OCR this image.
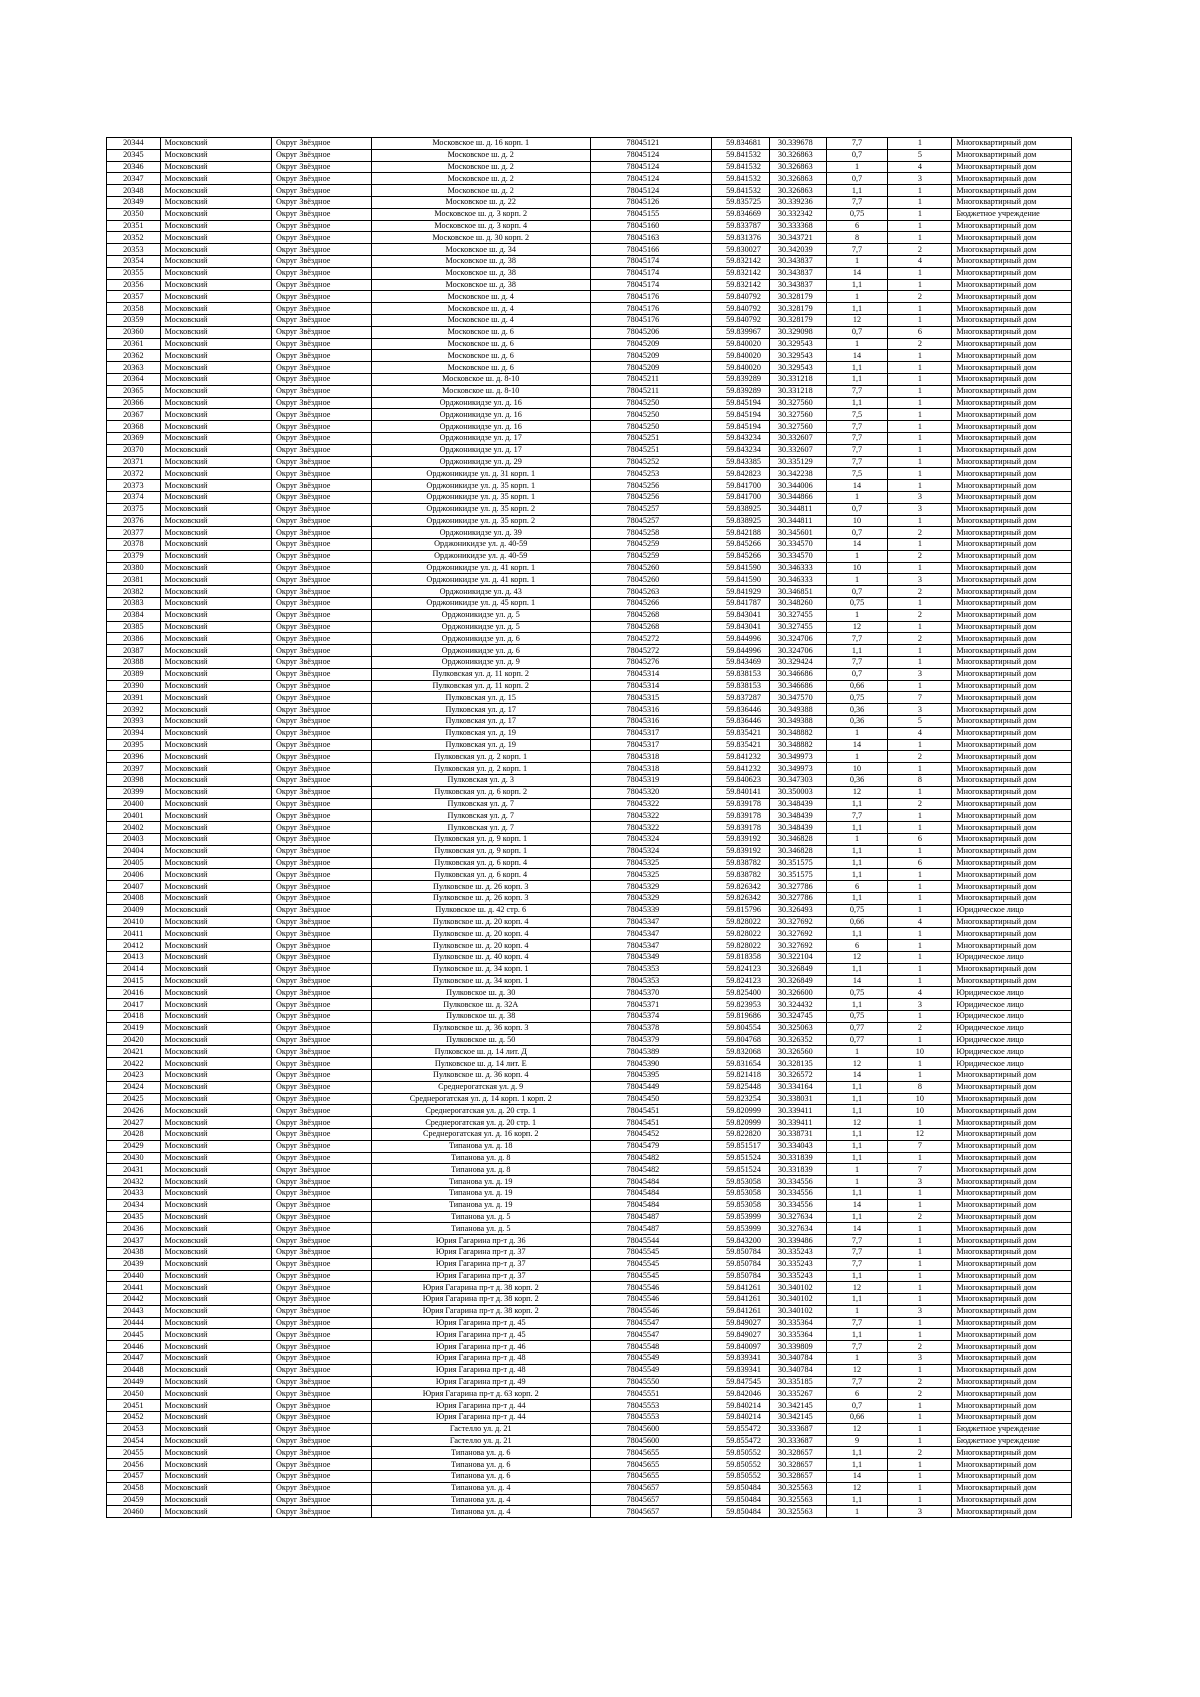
20344	Московский	Округ Звёздное	Московское ш. д. 16 корп. 1	78045121	59.834681	30.339678	7,7	1	Многоквартирный дом
20345	Московский	Округ Звёздное	Московское ш. д. 2	78045124	59.841532	30.326863	0,7	5	Многоквартирный дом
20346	Московский	Округ Звёздное	Московское ш. д. 2	78045124	59.841532	30.326863	1	4	Многоквартирный дом
20347	Московский	Округ Звёздное	Московское ш. д. 2	78045124	59.841532	30.326863	0,7	3	Многоквартирный дом
20348	Московский	Округ Звёздное	Московское ш. д. 2	78045124	59.841532	30.326863	1,1	1	Многоквартирный дом
20349	Московский	Округ Звёздное	Московское ш. д. 22	78045126	59.835725	30.339236	7,7	1	Многоквартирный дом
20350	Московский	Округ Звёздное	Московское ш. д. 3 корп. 2	78045155	59.834669	30.332342	0,75	1	Бюджетное учреждение
20351	Московский	Округ Звёздное	Московское ш. д. 3 корп. 4	78045160	59.833787	30.333368	6	1	Многоквартирный дом
20352	Московский	Округ Звёздное	Московское ш. д. 30 корп. 2	78045163	59.831376	30.343721	8	1	Многоквартирный дом
20353	Московский	Округ Звёздное	Московское ш. д. 34	78045166	59.830027	30.342039	7,7	2	Многоквартирный дом
20354	Московский	Округ Звёздное	Московское ш. д. 38	78045174	59.832142	30.343837	1	4	Многоквартирный дом
20355	Московский	Округ Звёздное	Московское ш. д. 38	78045174	59.832142	30.343837	14	1	Многоквартирный дом
20356	Московский	Округ Звёздное	Московское ш. д. 38	78045174	59.832142	30.343837	1,1	1	Многоквартирный дом
20357	Московский	Округ Звёздное	Московское ш. д. 4	78045176	59.840792	30.328179	1	2	Многоквартирный дом
20358	Московский	Округ Звёздное	Московское ш. д. 4	78045176	59.840792	30.328179	1,1	1	Многоквартирный дом
20359	Московский	Округ Звёздное	Московское ш. д. 4	78045176	59.840792	30.328179	12	1	Многоквартирный дом
20360	Московский	Округ Звёздное	Московское ш. д. 6	78045206	59.839967	30.329098	0,7	6	Многоквартирный дом
20361	Московский	Округ Звёздное	Московское ш. д. 6	78045209	59.840020	30.329543	1	2	Многоквартирный дом
20362	Московский	Округ Звёздное	Московское ш. д. 6	78045209	59.840020	30.329543	14	1	Многоквартирный дом
20363	Московский	Округ Звёздное	Московское ш. д. 6	78045209	59.840020	30.329543	1,1	1	Многоквартирный дом
20364	Московский	Округ Звёздное	Московское ш. д. 8-10	78045211	59.839289	30.331218	1,1	1	Многоквартирный дом
20365	Московский	Округ Звёздное	Московское ш. д. 8-10	78045211	59.839289	30.331218	7,7	1	Многоквартирный дом
20366	Московский	Округ Звёздное	Орджоникидзе ул. д. 16	78045250	59.845194	30.327560	1,1	1	Многоквартирный дом
20367	Московский	Округ Звёздное	Орджоникидзе ул. д. 16	78045250	59.845194	30.327560	7,5	1	Многоквартирный дом
20368	Московский	Округ Звёздное	Орджоникидзе ул. д. 16	78045250	59.845194	30.327560	7,7	1	Многоквартирный дом
20369	Московский	Округ Звёздное	Орджоникидзе ул. д. 17	78045251	59.843234	30.332607	7,7	1	Многоквартирный дом
20370	Московский	Округ Звёздное	Орджоникидзе ул. д. 17	78045251	59.843234	30.332607	7,7	1	Многоквартирный дом
20371	Московский	Округ Звёздное	Орджоникидзе ул. д. 29	78045252	59.843385	30.335129	7,7	1	Многоквартирный дом
20372	Московский	Округ Звёздное	Орджоникидзе ул. д. 31 корп. 1	78045253	59.842823	30.342238	7,5	1	Многоквартирный дом
20373	Московский	Округ Звёздное	Орджоникидзе ул. д. 35 корп. 1	78045256	59.841700	30.344006	14	1	Многоквартирный дом
20374	Московский	Округ Звёздное	Орджоникидзе ул. д. 35 корп. 1	78045256	59.841700	30.344866	1	3	Многоквартирный дом
20375	Московский	Округ Звёздное	Орджоникидзе ул. д. 35 корп. 2	78045257	59.838925	30.344811	0,7	3	Многоквартирный дом
20376	Московский	Округ Звёздное	Орджоникидзе ул. д. 35 корп. 2	78045257	59.838925	30.344811	10	1	Многоквартирный дом
20377	Московский	Округ Звёздное	Орджоникидзе ул. д. 39	78045258	59.842188	30.345601	0,7	2	Многоквартирный дом
20378	Московский	Округ Звёздное	Орджоникидзе ул. д. 40-59	78045259	59.845266	30.334570	14	1	Многоквартирный дом
20379	Московский	Округ Звёздное	Орджоникидзе ул. д. 40-59	78045259	59.845266	30.334570	1	2	Многоквартирный дом
20380	Московский	Округ Звёздное	Орджоникидзе ул. д. 41 корп. 1	78045260	59.841590	30.346333	10	1	Многоквартирный дом
20381	Московский	Округ Звёздное	Орджоникидзе ул. д. 41 корп. 1	78045260	59.841590	30.346333	1	3	Многоквартирный дом
20382	Московский	Округ Звёздное	Орджоникидзе ул. д. 43	78045263	59.841929	30.346851	0,7	2	Многоквартирный дом
20383	Московский	Округ Звёздное	Орджоникидзе ул. д. 45 корп. 1	78045266	59.841787	30.348260	0,75	1	Многоквартирный дом
20384	Московский	Округ Звёздное	Орджоникидзе ул. д. 5	78045268	59.843041	30.327455	1	2	Многоквартирный дом
20385	Московский	Округ Звёздное	Орджоникидзе ул. д. 5	78045268	59.843041	30.327455	12	1	Многоквартирный дом
20386	Московский	Округ Звёздное	Орджоникидзе ул. д. 6	78045272	59.844996	30.324706	7,7	2	Многоквартирный дом
20387	Московский	Округ Звёздное	Орджоникидзе ул. д. 6	78045272	59.844996	30.324706	1,1	1	Многоквартирный дом
20388	Московский	Округ Звёздное	Орджоникидзе ул. д. 9	78045276	59.843469	30.329424	7,7	1	Многоквартирный дом
20389	Московский	Округ Звёздное	Пулковская ул. д. 11 корп. 2	78045314	59.838153	30.346686	0,7	3	Многоквартирный дом
20390	Московский	Округ Звёздное	Пулковская ул. д. 11 корп. 2	78045314	59.838153	30.346686	0,66	1	Многоквартирный дом
20391	Московский	Округ Звёздное	Пулковская ул. д. 15	78045315	59.837287	30.347570	0,75	7	Многоквартирный дом
20392	Московский	Округ Звёздное	Пулковская ул. д. 17	78045316	59.836446	30.349388	0,36	3	Многоквартирный дом
20393	Московский	Округ Звёздное	Пулковская ул. д. 17	78045316	59.836446	30.349388	0,36	5	Многоквартирный дом
20394	Московский	Округ Звёздное	Пулковская ул. д. 19	78045317	59.835421	30.348882	1	4	Многоквартирный дом
20395	Московский	Округ Звёздное	Пулковская ул. д. 19	78045317	59.835421	30.348882	14	1	Многоквартирный дом
20396	Московский	Округ Звёздное	Пулковская ул. д. 2 корп. 1	78045318	59.841232	30.349973	1	2	Многоквартирный дом
20397	Московский	Округ Звёздное	Пулковская ул. д. 2 корп. 1	78045318	59.841232	30.349973	10	1	Многоквартирный дом
20398	Московский	Округ Звёздное	Пулковская ул. д. 3	78045319	59.840623	30.347303	0,36	8	Многоквартирный дом
20399	Московский	Округ Звёздное	Пулковская ул. д. 6 корп. 2	78045320	59.840141	30.350003	12	1	Многоквартирный дом
20400	Московский	Округ Звёздное	Пулковская ул. д. 7	78045322	59.839178	30.348439	1,1	2	Многоквартирный дом
20401	Московский	Округ Звёздное	Пулковская ул. д. 7	78045322	59.839178	30.348439	7,7	1	Многоквартирный дом
20402	Московский	Округ Звёздное	Пулковская ул. д. 7	78045322	59.839178	30.348439	1,1	1	Многоквартирный дом
20403	Московский	Округ Звёздное	Пулковская ул. д. 9 корп. 1	78045324	59.839192	30.346828	1	6	Многоквартирный дом
20404	Московский	Округ Звёздное	Пулковская ул. д. 9 корп. 1	78045324	59.839192	30.346828	1,1	1	Многоквартирный дом
20405	Московский	Округ Звёздное	Пулковская ул. д. 6 корп. 4	78045325	59.838782	30.351575	1,1	6	Многоквартирный дом
20406	Московский	Округ Звёздное	Пулковская ул. д. 6 корп. 4	78045325	59.838782	30.351575	1,1	1	Многоквартирный дом
20407	Московский	Округ Звёздное	Пулковское ш. д. 26 корп. 3	78045329	59.826342	30.327786	6	1	Многоквартирный дом
20408	Московский	Округ Звёздное	Пулковское ш. д. 26 корп. 3	78045329	59.826342	30.327786	1,1	1	Многоквартирный дом
20409	Московский	Округ Звёздное	Пулковское ш. д. 42 стр. 6	78045339	59.815796	30.326493	0,75	1	Юридическое лицо
20410	Московский	Округ Звёздное	Пулковское ш. д. 20 корп. 4	78045347	59.828022	30.327692	0,66	4	Многоквартирный дом
20411	Московский	Округ Звёздное	Пулковское ш. д. 20 корп. 4	78045347	59.828022	30.327692	1,1	1	Многоквартирный дом
20412	Московский	Округ Звёздное	Пулковское ш. д. 20 корп. 4	78045347	59.828022	30.327692	6	1	Многоквартирный дом
20413	Московский	Округ Звёздное	Пулковское ш. д. 40 корп. 4	78045349	59.818358	30.322104	12	1	Юридическое лицо
20414	Московский	Округ Звёздное	Пулковское ш. д. 34 корп. 1	78045353	59.824123	30.326849	1,1	1	Многоквартирный дом
20415	Московский	Округ Звёздное	Пулковское ш. д. 34 корп. 1	78045353	59.824123	30.326849	14	1	Многоквартирный дом
20416	Московский	Округ Звёздное	Пулковское ш. д. 30	78045370	59.825400	30.326600	0,75	4	Юридическое лицо
20417	Московский	Округ Звёздное	Пулковское ш. д. 32А	78045371	59.823953	30.324432	1,1	3	Юридическое лицо
20418	Московский	Округ Звёздное	Пулковское ш. д. 38	78045374	59.819686	30.324745	0,75	1	Юридическое лицо
20419	Московский	Округ Звёздное	Пулковское ш. д. 36 корп. 3	78045378	59.804554	30.325063	0,77	2	Юридическое лицо
20420	Московский	Округ Звёздное	Пулковское ш. д. 50	78045379	59.804768	30.326352	0,77	1	Юридическое лицо
20421	Московский	Округ Звёздное	Пулковское ш. д. 14 лит. Д	78045389	59.832068	30.326560	1	10	Юридическое лицо
20422	Московский	Округ Звёздное	Пулковское ш. д. 14 лит. Е	78045390	59.831654	30.328135	12	1	Юридическое лицо
20423	Московский	Округ Звёздное	Пулковское ш. д. 36 корп. 4	78045395	59.821418	30.326572	14	1	Многоквартирный дом
20424	Московский	Округ Звёздное	Среднерогатская ул. д. 9	78045449	59.825448	30.334164	1,1	8	Многоквартирный дом
20425	Московский	Округ Звёздное	Среднерогатская ул. д. 14 корп. 1 корп. 2	78045450	59.823254	30.338031	1,1	10	Многоквартирный дом
20426	Московский	Округ Звёздное	Среднерогатская ул. д. 20 стр. 1	78045451	59.820999	30.339411	1,1	10	Многоквартирный дом
20427	Московский	Округ Звёздное	Среднерогатская ул. д. 20 стр. 1	78045451	59.820999	30.339411	12	1	Многоквартирный дом
20428	Московский	Округ Звёздное	Среднерогатская ул. д. 16 корп. 2	78045452	59.822820	30.338731	1,1	12	Многоквартирный дом
20429	Московский	Округ Звёздное	Типанова ул. д. 18	78045479	59.851517	30.334043	1,1	7	Многоквартирный дом
20430	Московский	Округ Звёздное	Типанова ул. д. 8	78045482	59.851524	30.331839	1,1	1	Многоквартирный дом
20431	Московский	Округ Звёздное	Типанова ул. д. 8	78045482	59.851524	30.331839	1	7	Многоквартирный дом
20432	Московский	Округ Звёздное	Типанова ул. д. 19	78045484	59.853058	30.334556	1	3	Многоквартирный дом
20433	Московский	Округ Звёздное	Типанова ул. д. 19	78045484	59.853058	30.334556	1,1	1	Многоквартирный дом
20434	Московский	Округ Звёздное	Типанова ул. д. 19	78045484	59.853058	30.334556	14	1	Многоквартирный дом
20435	Московский	Округ Звёздное	Типанова ул. д. 5	78045487	59.853999	30.327634	1,1	2	Многоквартирный дом
20436	Московский	Округ Звёздное	Типанова ул. д. 5	78045487	59.853999	30.327634	14	1	Многоквартирный дом
20437	Московский	Округ Звёздное	Юрия Гагарина пр-т д. 36	78045544	59.843200	30.339486	7,7	1	Многоквартирный дом
20438	Московский	Округ Звёздное	Юрия Гагарина пр-т д. 37	78045545	59.850784	30.335243	7,7	1	Многоквартирный дом
20439	Московский	Округ Звёздное	Юрия Гагарина пр-т д. 37	78045545	59.850784	30.335243	7,7	1	Многоквартирный дом
20440	Московский	Округ Звёздное	Юрия Гагарина пр-т д. 37	78045545	59.850784	30.335243	1,1	1	Многоквартирный дом
20441	Московский	Округ Звёздное	Юрия Гагарина пр-т д. 38 корп. 2	78045546	59.841261	30.340102	12	1	Многоквартирный дом
20442	Московский	Округ Звёздное	Юрия Гагарина пр-т д. 38 корп. 2	78045546	59.841261	30.340102	1,1	1	Многоквартирный дом
20443	Московский	Округ Звёздное	Юрия Гагарина пр-т д. 38 корп. 2	78045546	59.841261	30.340102	1	3	Многоквартирный дом
20444	Московский	Округ Звёздное	Юрия Гагарина пр-т д. 45	78045547	59.849027	30.335364	7,7	1	Многоквартирный дом
20445	Московский	Округ Звёздное	Юрия Гагарина пр-т д. 45	78045547	59.849027	30.335364	1,1	1	Многоквартирный дом
20446	Московский	Округ Звёздное	Юрия Гагарина пр-т д. 46	78045548	59.840097	30.339809	7,7	2	Многоквартирный дом
20447	Московский	Округ Звёздное	Юрия Гагарина пр-т д. 48	78045549	59.839341	30.340784	1	3	Многоквартирный дом
20448	Московский	Округ Звёздное	Юрия Гагарина пр-т д. 48	78045549	59.839341	30.340784	12	1	Многоквартирный дом
20449	Московский	Округ Звёздное	Юрия Гагарина пр-т д. 49	78045550	59.847545	30.335185	7,7	2	Многоквартирный дом
20450	Московский	Округ Звёздное	Юрия Гагарина пр-т д. 63 корп. 2	78045551	59.842046	30.335267	6	2	Многоквартирный дом
20451	Московский	Округ Звёздное	Юрия Гагарина пр-т д. 44	78045553	59.840214	30.342145	0,7	1	Многоквартирный дом
20452	Московский	Округ Звёздное	Юрия Гагарина пр-т д. 44	78045553	59.840214	30.342145	0,66	1	Многоквартирный дом
20453	Московский	Округ Звёздное	Гастелло ул. д. 21	78045600	59.855472	30.333687	12	1	Бюджетное учреждение
20454	Московский	Округ Звёздное	Гастелло ул. д. 21	78045600	59.855472	30.333687	9	1	Бюджетное учреждение
20455	Московский	Округ Звёздное	Типанова ул. д. 6	78045655	59.850552	30.328657	1,1	2	Многоквартирный дом
20456	Московский	Округ Звёздное	Типанова ул. д. 6	78045655	59.850552	30.328657	1,1	1	Многоквартирный дом
20457	Московский	Округ Звёздное	Типанова ул. д. 6	78045655	59.850552	30.328657	14	1	Многоквартирный дом
20458	Московский	Округ Звёздное	Типанова ул. д. 4	78045657	59.850484	30.325563	12	1	Многоквартирный дом
20459	Московский	Округ Звёздное	Типанова ул. д. 4	78045657	59.850484	30.325563	1,1	1	Многоквартирный дом
20460	Московский	Округ Звёздное	Типанова ул. д. 4	78045657	59.850484	30.325563	1	3	Многоквартирный дом
